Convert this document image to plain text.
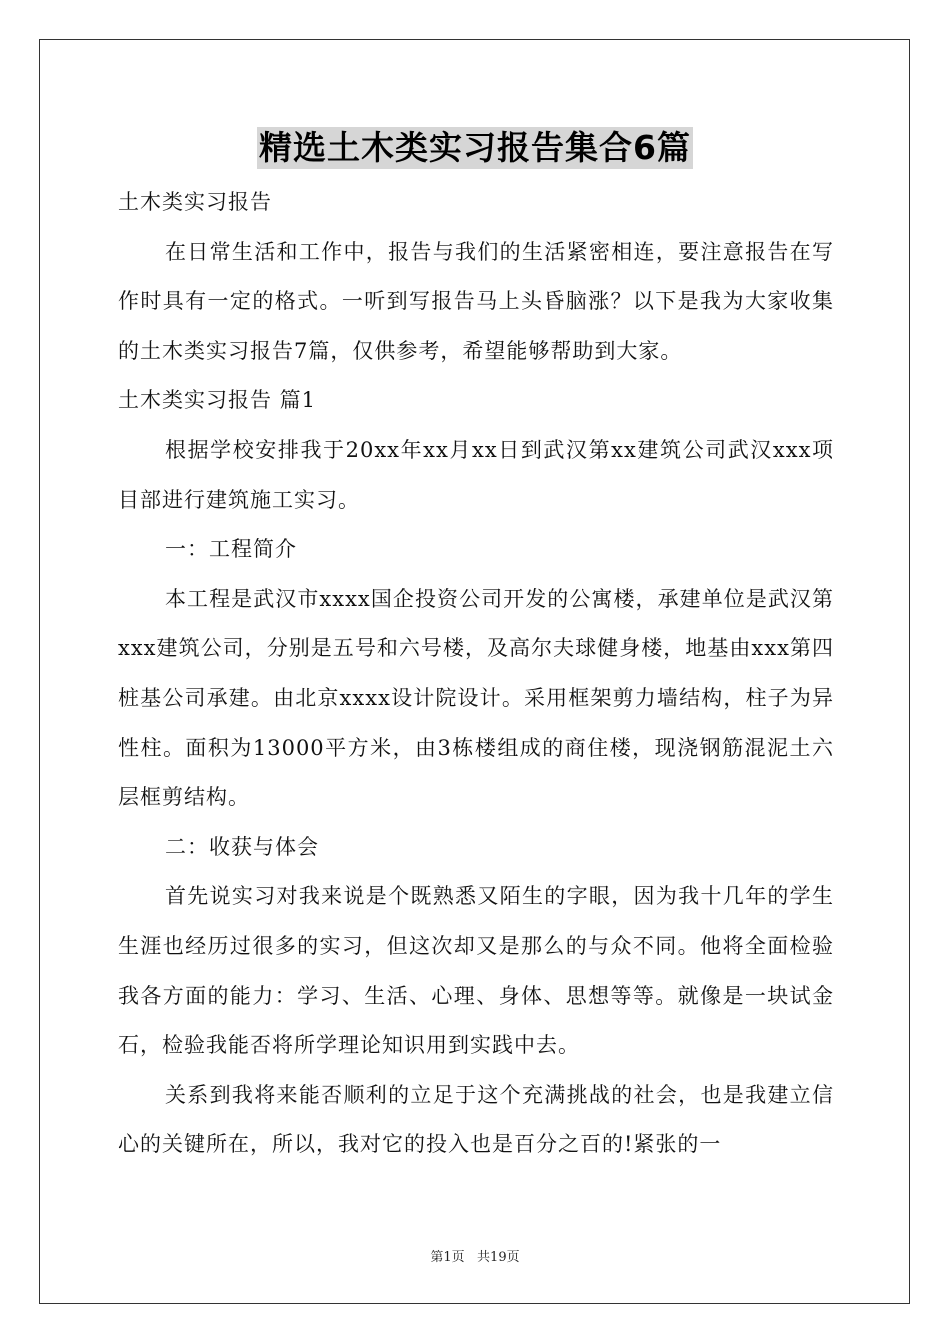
精选土木类实习报告集合6篇

土木类实习报告

在日常生活和工作中，报告与我们的生活紧密相连，要注意报告在写作时具有一定的格式。一听到写报告马上头昏脑涨？以下是我为大家收集的土木类实习报告7篇，仅供参考，希望能够帮助到大家。

土木类实习报告 篇1

根据学校安排我于20xx年xx月xx日到武汉第xx建筑公司武汉xxx项目部进行建筑施工实习。

一：工程简介

本工程是武汉市xxxx国企投资公司开发的公寓楼，承建单位是武汉第xxx建筑公司，分别是五号和六号楼，及高尔夫球健身楼，地基由xxx第四桩基公司承建。由北京xxxx设计院设计。采用框架剪力墙结构，柱子为异性柱。面积为13000平方米，由3栋楼组成的商住楼，现浇钢筋混泥土六层框剪结构。

二：收获与体会

首先说实习对我来说是个既熟悉又陌生的字眼，因为我十几年的学生生涯也经历过很多的实习，但这次却又是那么的与众不同。他将全面检验我各方面的能力：学习、生活、心理、身体、思想等等。就像是一块试金石，检验我能否将所学理论知识用到实践中去。

关系到我将来能否顺利的立足于这个充满挑战的社会，也是我建立信心的关键所在，所以，我对它的投入也是百分之百的!紧张的一

第1页   共19页
